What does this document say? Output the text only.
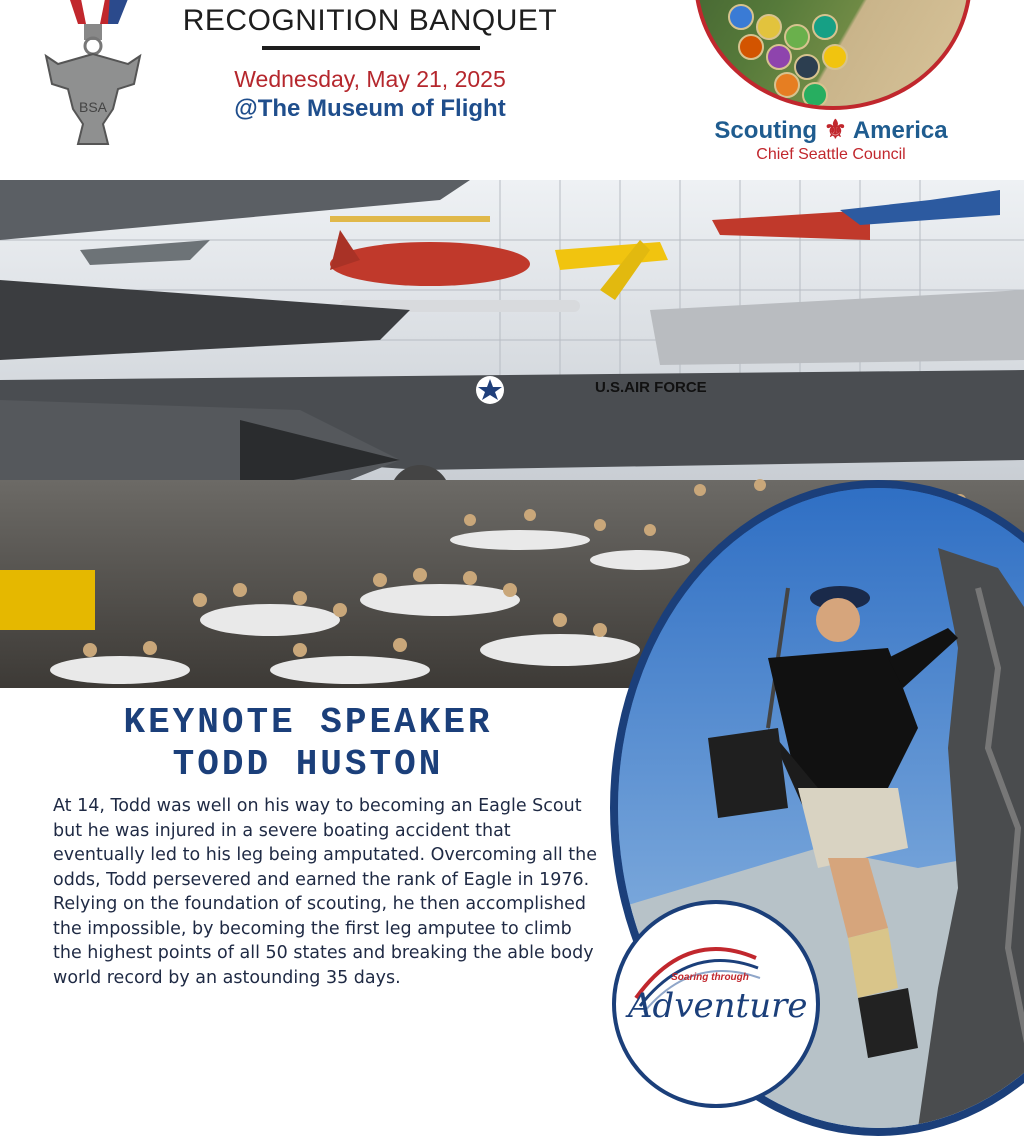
BSA
RECOGNITION BANQUET
Wednesday, May 21, 2025
@The Museum of Flight
Scouting ⚜ America
Chief Seattle Council
U.S.AIR FORCE
KEYNOTE SPEAKER
TODD HUSTON
At 14, Todd was well on his way to becoming an Eagle Scout but he was injured in a severe boating accident that eventually led to his leg being amputated. Overcoming all the odds, Todd persevered and earned the rank of Eagle in 1976. Relying on the foundation of scouting, he then accomplished the impossible, by becoming the first leg amputee to climb the highest points of all 50 states and breaking the able body world record by an astounding 35 days.	Soaring through
Adventure
